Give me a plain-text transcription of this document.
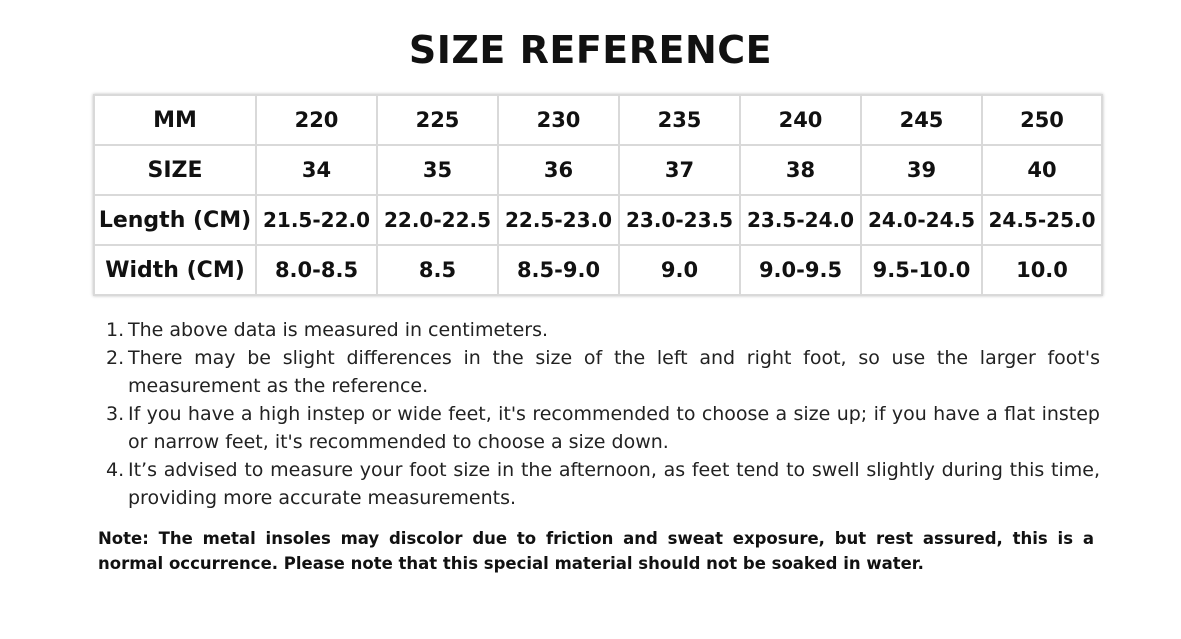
SIZE REFERENCE
MM	220	225	230	235	240	245	250
SIZE	34	35	36	37	38	39	40
Length (CM)	21.5-22.0	22.0-22.5	22.5-23.0	23.0-23.5	23.5-24.0	24.0-24.5	24.5-25.0
Width (CM)	8.0-8.5	8.5	8.5-9.0	9.0	9.0-9.5	9.5-10.0	10.0
1. The above data is measured in centimeters.
2. There may be slight differences in the size of the left and right foot, so use the larger foot's measurement as the reference.
3. If you have a high instep or wide feet, it's recommended to choose a size up; if you have a flat instep or narrow feet, it's recommended to choose a size down.
4. It’s advised to measure your foot size in the afternoon, as feet tend to swell slightly during this time, providing more accurate measurements.
Note: The metal insoles may discolor due to friction and sweat exposure, but rest assured, this is a normal occurrence. Please note that this special material should not be soaked in water.
